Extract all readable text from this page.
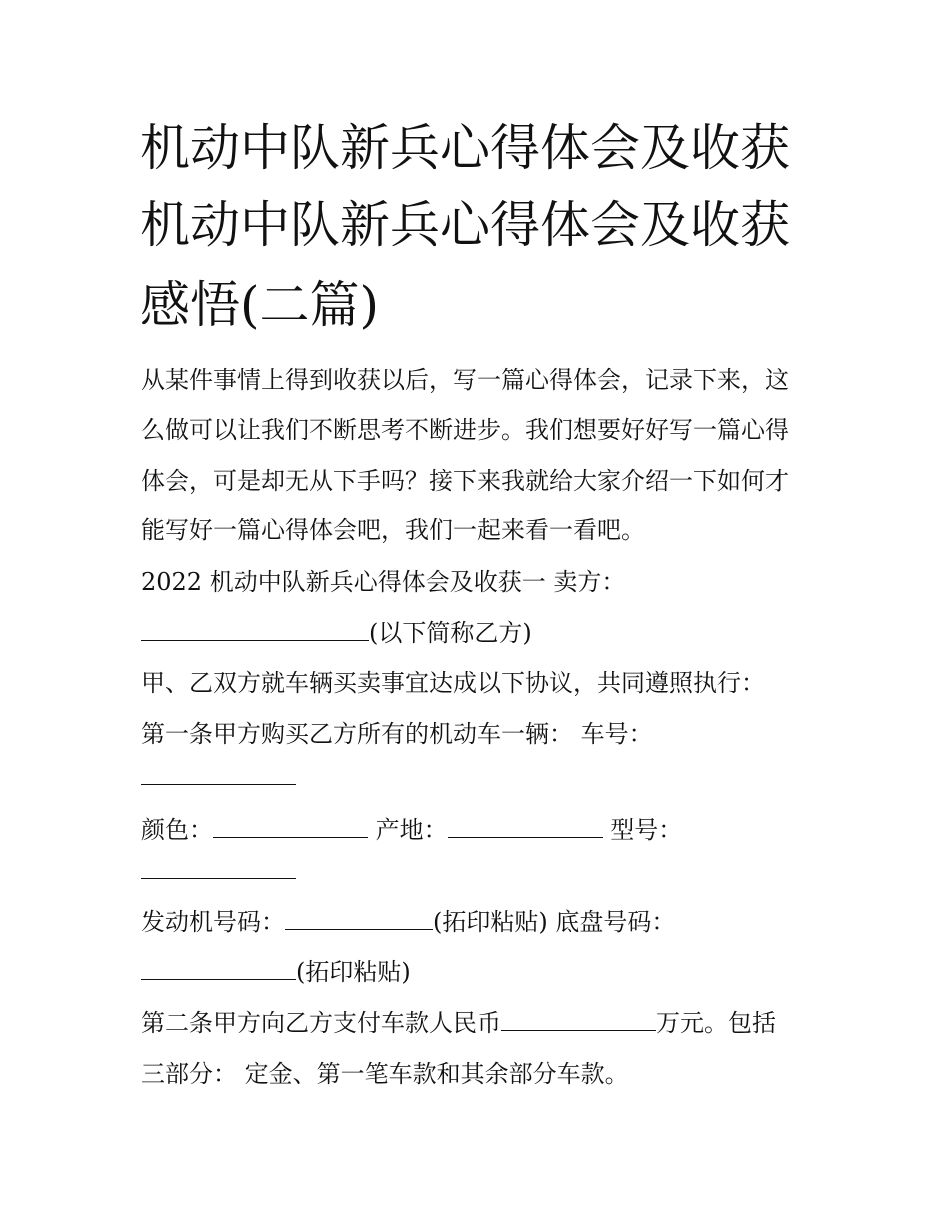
机动中队新兵心得体会及收获
机动中队新兵心得体会及收获
感悟(二篇)

从某件事情上得到收获以后，写一篇心得体会，记录下来，这

么做可以让我们不断思考不断进步。我们想要好好写一篇心得

体会，可是却无从下手吗？接下来我就给大家介绍一下如何才

能写好一篇心得体会吧，我们一起来看一看吧。

2022 机动中队新兵心得体会及收获一 卖方：

(以下简称乙方)

甲、乙双方就车辆买卖事宜达成以下协议，共同遵照执行：

第一条甲方购买乙方所有的机动车一辆： 车号：

颜色：	产地：	型号：

发动机号码：	(拓印粘贴) 底盘号码：

(拓印粘贴)

第二条甲方向乙方支付车款人民币	万元。包括

三部分： 定金、第一笔车款和其余部分车款。
